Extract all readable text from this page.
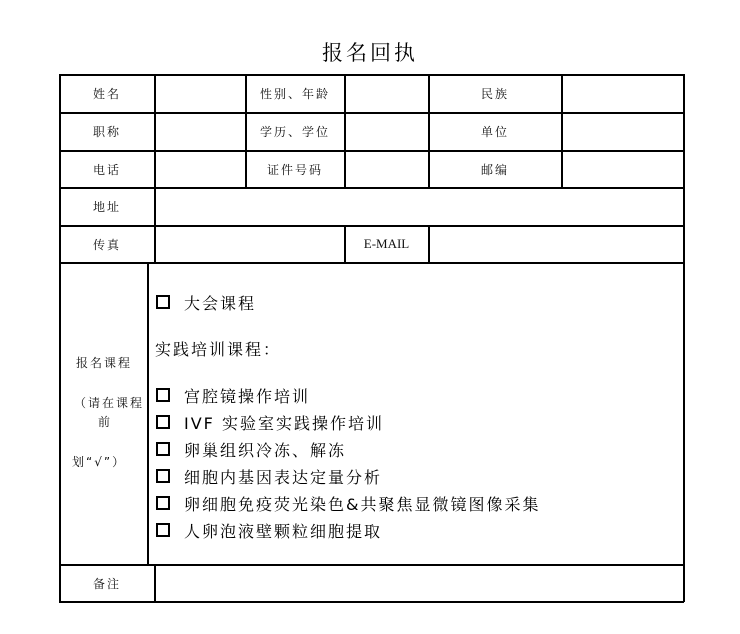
报名回执
姓名	性别、年龄	民族
职称	学历、学位	单位
电话	证件号码	邮编
地址
传真	E-MAIL
报名课程
（请在课程
前
划“√”）
大会课程
实践培训课程：
宫腔镜操作培训
IVF 实验室实践操作培训
卵巢组织冷冻、解冻
细胞内基因表达定量分析
卵细胞免疫荧光染色&共聚焦显微镜图像采集
人卵泡液壁颗粒细胞提取
备注
